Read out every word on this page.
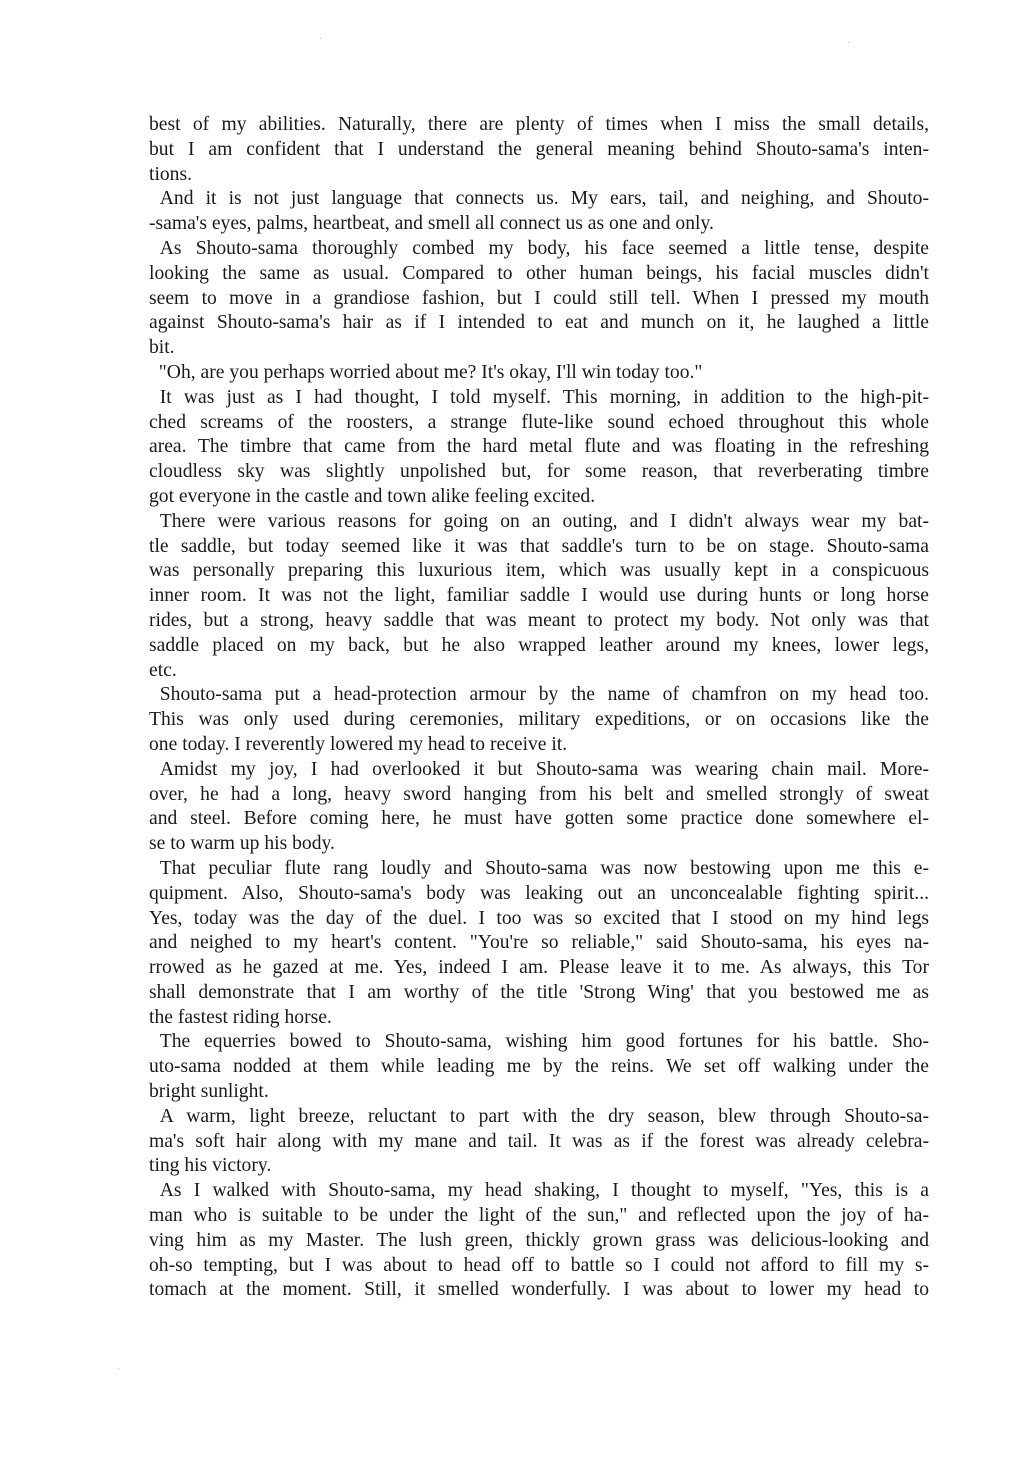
best of my abilities. Naturally, there are plenty of times when I miss the small details,
but I am confident that I understand the general meaning behind Shouto-sama's inten-
tions.
And it is not just language that connects us. My ears, tail, and neighing, and Shouto-
-sama's eyes, palms, heartbeat, and smell all connect us as one and only.
As Shouto-sama thoroughly combed my body, his face seemed a little tense, despite
looking the same as usual. Compared to other human beings, his facial muscles didn't
seem to move in a grandiose fashion, but I could still tell. When I pressed my mouth
against Shouto-sama's hair as if I intended to eat and munch on it, he laughed a little
bit.
"Oh, are you perhaps worried about me? It's okay, I'll win today too."
It was just as I had thought, I told myself. This morning, in addition to the high-pit-
ched screams of the roosters, a strange flute-like sound echoed throughout this whole
area. The timbre that came from the hard metal flute and was floating in the refreshing
cloudless sky was slightly unpolished but, for some reason, that reverberating timbre
got everyone in the castle and town alike feeling excited.
There were various reasons for going on an outing, and I didn't always wear my bat-
tle saddle, but today seemed like it was that saddle's turn to be on stage. Shouto-sama
was personally preparing this luxurious item, which was usually kept in a conspicuous
inner room. It was not the light, familiar saddle I would use during hunts or long horse
rides, but a strong, heavy saddle that was meant to protect my body. Not only was that
saddle placed on my back, but he also wrapped leather around my knees, lower legs,
etc.
Shouto-sama put a head-protection armour by the name of chamfron on my head too.
This was only used during ceremonies, military expeditions, or on occasions like the
one today. I reverently lowered my head to receive it.
Amidst my joy, I had overlooked it but Shouto-sama was wearing chain mail. More-
over, he had a long, heavy sword hanging from his belt and smelled strongly of sweat
and steel. Before coming here, he must have gotten some practice done somewhere el-
se to warm up his body.
That peculiar flute rang loudly and Shouto-sama was now bestowing upon me this e-
quipment. Also, Shouto-sama's body was leaking out an unconcealable fighting spirit...
Yes, today was the day of the duel. I too was so excited that I stood on my hind legs
and neighed to my heart's content. "You're so reliable," said Shouto-sama, his eyes na-
rrowed as he gazed at me. Yes, indeed I am. Please leave it to me. As always, this Tor
shall demonstrate that I am worthy of the title 'Strong Wing' that you bestowed me as
the fastest riding horse.
The equerries bowed to Shouto-sama, wishing him good fortunes for his battle. Sho-
uto-sama nodded at them while leading me by the reins. We set off walking under the
bright sunlight.
A warm, light breeze, reluctant to part with the dry season, blew through Shouto-sa-
ma's soft hair along with my mane and tail. It was as if the forest was already celebra-
ting his victory.
As I walked with Shouto-sama, my head shaking, I thought to myself, "Yes, this is a
man who is suitable to be under the light of the sun," and reflected upon the joy of ha-
ving him as my Master. The lush green, thickly grown grass was delicious-looking and
oh-so tempting, but I was about to head off to battle so I could not afford to fill my s-
tomach at the moment. Still, it smelled wonderfully. I was about to lower my head to
